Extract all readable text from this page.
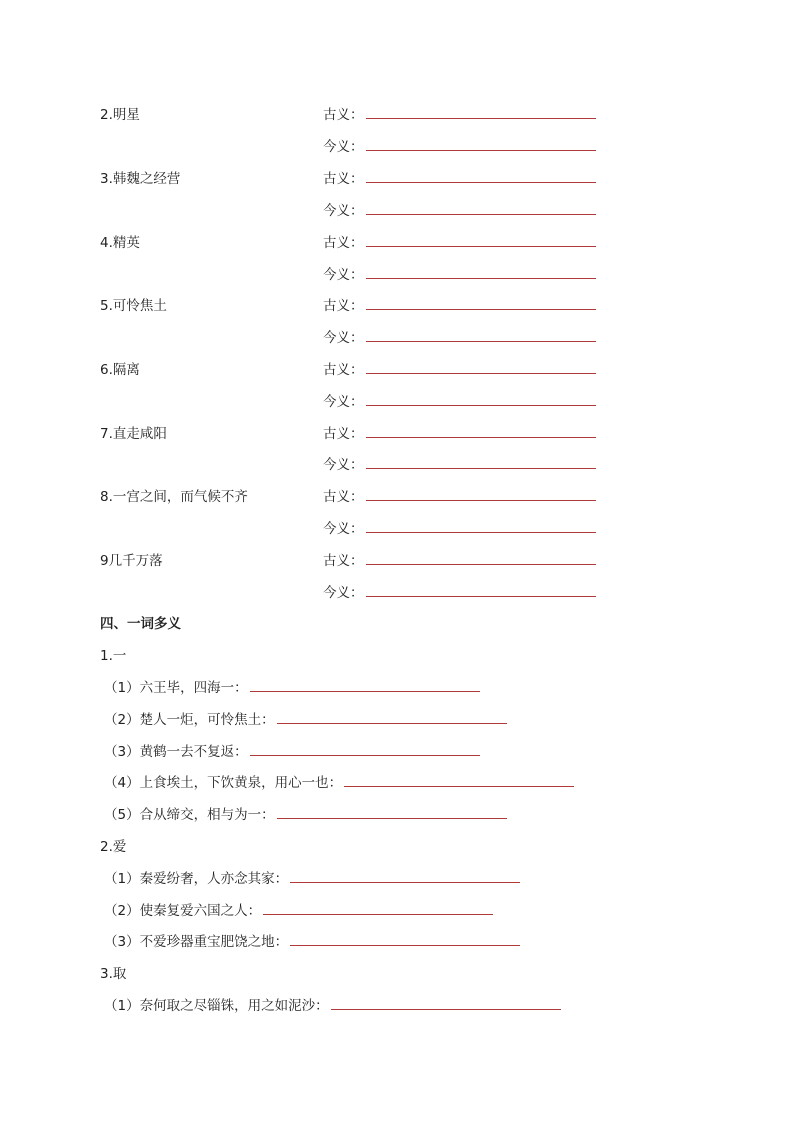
2.明星	古义：
今义：
3.韩魏之经营	古义：
今义：
4.精英	古义：
今义：
5.可怜焦土	古义：
今义：
6.隔离	古义：
今义：
7.直走咸阳	古义：
今义：
8.一宫之间，而气候不齐	古义：
今义：
9几千万落	古义：
今义：
四、一词多义
1.一
（1）六王毕，四海一：
（2）楚人一炬，可怜焦土：
（3）黄鹤一去不复返：
（4）上食埃土，下饮黄泉，用心一也：
（5）合从缔交，相与为一：
2.爱
（1）秦爱纷奢，人亦念其家：
（2）使秦复爱六国之人：
（3）不爱珍器重宝肥饶之地：
3.取
（1）奈何取之尽锱铢，用之如泥沙：
